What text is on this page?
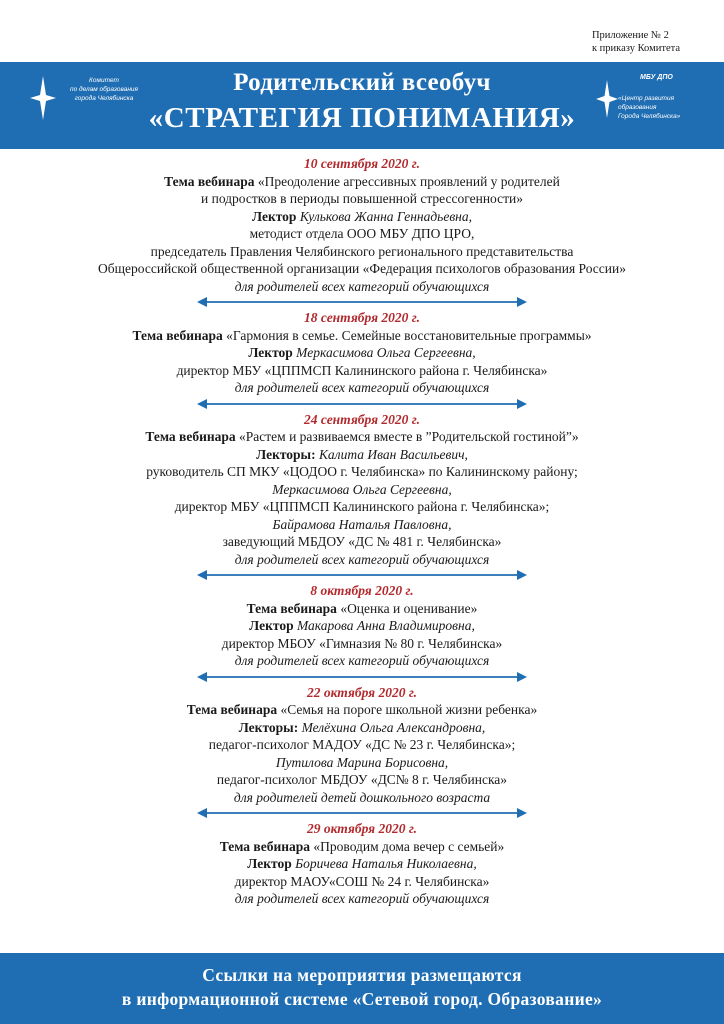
Приложение № 2
к приказу Комитета
Комитет
по делам образования
города Челябинска
Родительский всеобуч
«СТРАТЕГИЯ ПОНИМАНИЯ»
МБУ ДПО
«Центр развития образования
Города Челябинска»
10 сентября 2020 г.
Тема вебинара «Преодоление агрессивных проявлений у родителей
и подростков в периоды повышенной стрессогенности»
Лектор Кулькова Жанна Геннадьевна,
методист отдела ООО МБУ ДПО ЦРО,
председатель Правления Челябинского регионального представительства
Общероссийской общественной организации «Федерация психологов образования России»
для родителей всех категорий обучающихся
18 сентября 2020 г.
Тема вебинара «Гармония в семье. Семейные восстановительные программы»
Лектор Меркасимова Ольга Сергеевна,
директор МБУ «ЦППМСП Калининского района г. Челябинска»
для родителей всех категорий обучающихся
24 сентября 2020 г.
Тема вебинара «Растем и развиваемся вместе в ”Родительской гостиной”»
Лекторы: Калита Иван Васильевич,
руководитель СП МКУ «ЦОДОО г. Челябинска» по Калининскому району;
Меркасимова Ольга Сергеевна,
директор МБУ «ЦППМСП Калининского района г. Челябинска»;
Байрамова Наталья Павловна,
заведующий МБДОУ «ДС № 481 г. Челябинска»
для родителей всех категорий обучающихся
8 октября 2020 г.
Тема вебинара «Оценка и оценивание»
Лектор Макарова Анна Владимировна,
директор МБОУ «Гимназия № 80 г. Челябинска»
для родителей всех категорий обучающихся
22 октября 2020 г.
Тема вебинара «Семья на пороге школьной жизни ребенка»
Лекторы: Мелёхина Ольга Александровна,
педагог-психолог МАДОУ «ДС № 23 г. Челябинска»;
Путилова Марина Борисовна,
педагог-психолог МБДОУ «ДС№ 8 г. Челябинска»
для родителей детей дошкольного возраста
29 октября 2020 г.
Тема вебинара «Проводим дома вечер с семьей»
Лектор Боричева Наталья Николаевна,
директор МАОУ«СОШ № 24 г. Челябинска»
для родителей всех категорий обучающихся
Ссылки на мероприятия размещаются
в информационной системе «Сетевой город. Образование»
